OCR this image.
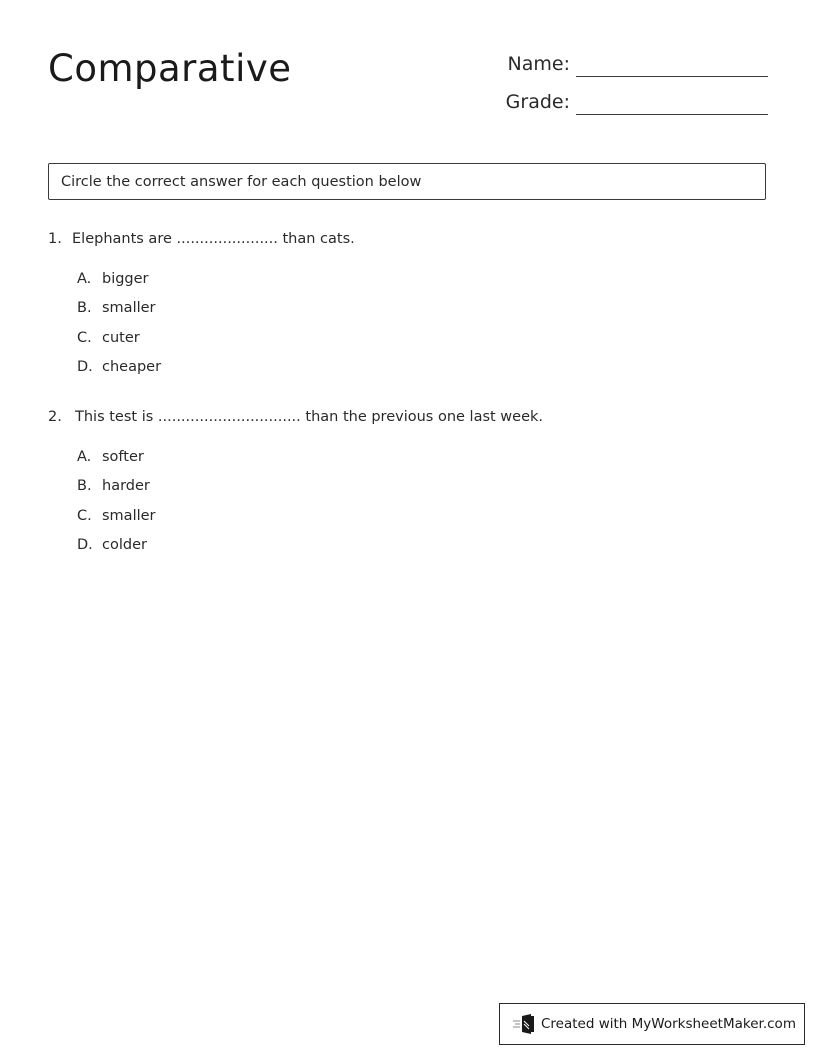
Comparative	Name:
Grade:
Circle the correct answer for each question below
1. Elephants are ...................... than cats.
A. bigger
B. smaller
C. cuter
D. cheaper
2. This test is ............................... than the previous one last week.
A. softer
B. harder
C. smaller
D. colder
Created with MyWorksheetMaker.com
